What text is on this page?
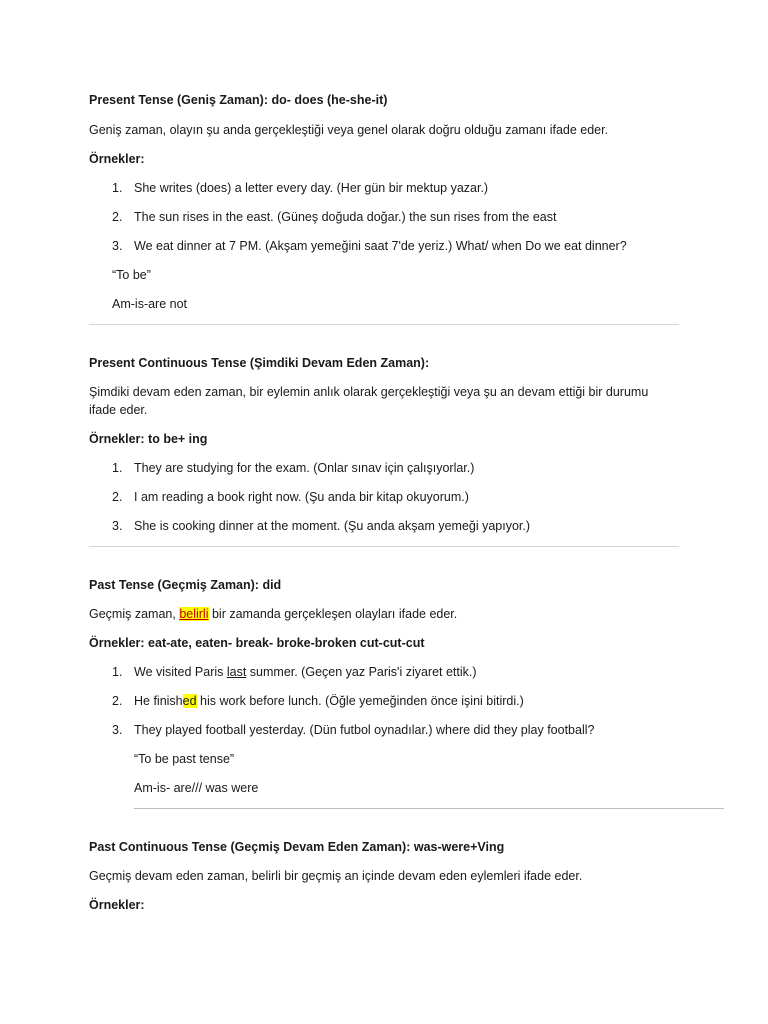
Present Tense (Geniş Zaman): do- does (he-she-it)
Geniş zaman, olayın şu anda gerçekleştiği veya genel olarak doğru olduğu zamanı ifade eder.
Örnekler:
1. She writes (does) a letter every day. (Her gün bir mektup yazar.)
2. The sun rises in the east. (Güneş doğuda doğar.) the sun rises from the east
3. We eat dinner at 7 PM. (Akşam yemeğini saat 7'de yeriz.) What/ when Do we eat dinner?
“To be”
Am-is-are not
Present Continuous Tense (Şimdiki Devam Eden Zaman):
Şimdiki devam eden zaman, bir eylemin anlık olarak gerçekleştiği veya şu an devam ettiği bir durumu
ifade eder.
Örnekler: to be+ ing
1. They are studying for the exam. (Onlar sınav için çalışıyorlar.)
2. I am reading a book right now. (Şu anda bir kitap okuyorum.)
3. She is cooking dinner at the moment. (Şu anda akşam yemeği yapıyor.)
Past Tense (Geçmiş Zaman): did
Geçmiş zaman, belirli bir zamanda gerçekleşen olayları ifade eder.
Örnekler: eat-ate, eaten- break- broke-broken cut-cut-cut
1. We visited Paris last summer. (Geçen yaz Paris'i ziyaret ettik.)
2. He finished his work before lunch. (Öğle yemeğinden önce işini bitirdi.)
3. They played football yesterday. (Dün futbol oynadılar.) where did they play football?
“To be past tense”
Am-is- are/// was were
Past Continuous Tense (Geçmiş Devam Eden Zaman): was-were+Ving
Geçmiş devam eden zaman, belirli bir geçmiş an içinde devam eden eylemleri ifade eder.
Örnekler:
